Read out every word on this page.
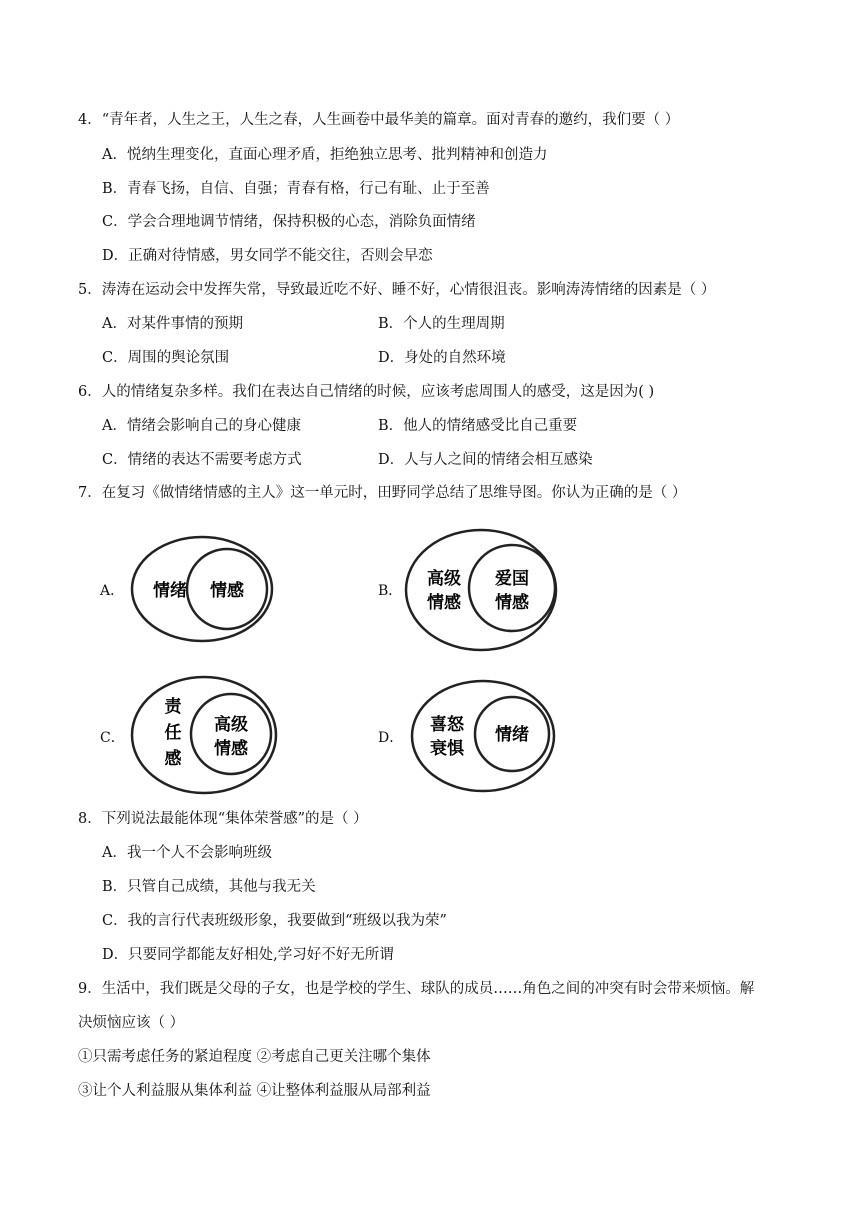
4．“青年者，人生之王，人生之春，人生画卷中最华美的篇章。面对青春的邀约，我们要（ ）
A．悦纳生理变化，直面心理矛盾，拒绝独立思考、批判精神和创造力
B．青春飞扬，自信、自强；青春有格，行己有耻、止于至善
C．学会合理地调节情绪，保持积极的心态，消除负面情绪
D．正确对待情感，男女同学不能交往，否则会早恋
5．涛涛在运动会中发挥失常，导致最近吃不好、睡不好，心情很沮丧。影响涛涛情绪的因素是（ ）
A．对某件事情的预期	B．个人的生理周期
C．周围的舆论氛围	D．身处的自然环境
6．人的情绪复杂多样。我们在表达自己情绪的时候，应该考虑周围人的感受，这是因为( )
A．情绪会影响自己的身心健康	B．他人的情绪感受比自己重要
C．情绪的表达不需要考虑方式	D．人与人之间的情绪会相互感染
7．在复习《做情绪情感的主人》这一单元时，田野同学总结了思维导图。你认为正确的是（ ）
A． 情绪 情感	B．
高级
情感
爱国
情感
C．
责
任
感
高级
情感
D．
喜怒
衰惧
情绪
8．下列说法最能体现“集体荣誉感”的是（ ）
A．我一个人不会影响班级
B．只管自己成绩，其他与我无关
C．我的言行代表班级形象，我要做到“班级以我为荣”
D．只要同学都能友好相处,学习好不好无所谓
9．生活中，我们既是父母的子女，也是学校的学生、球队的成员……角色之间的冲突有时会带来烦恼。解
决烦恼应该（ ）
①只需考虑任务的紧迫程度 ②考虑自己更关注哪个集体
③让个人利益服从集体利益 ④让整体利益服从局部利益
